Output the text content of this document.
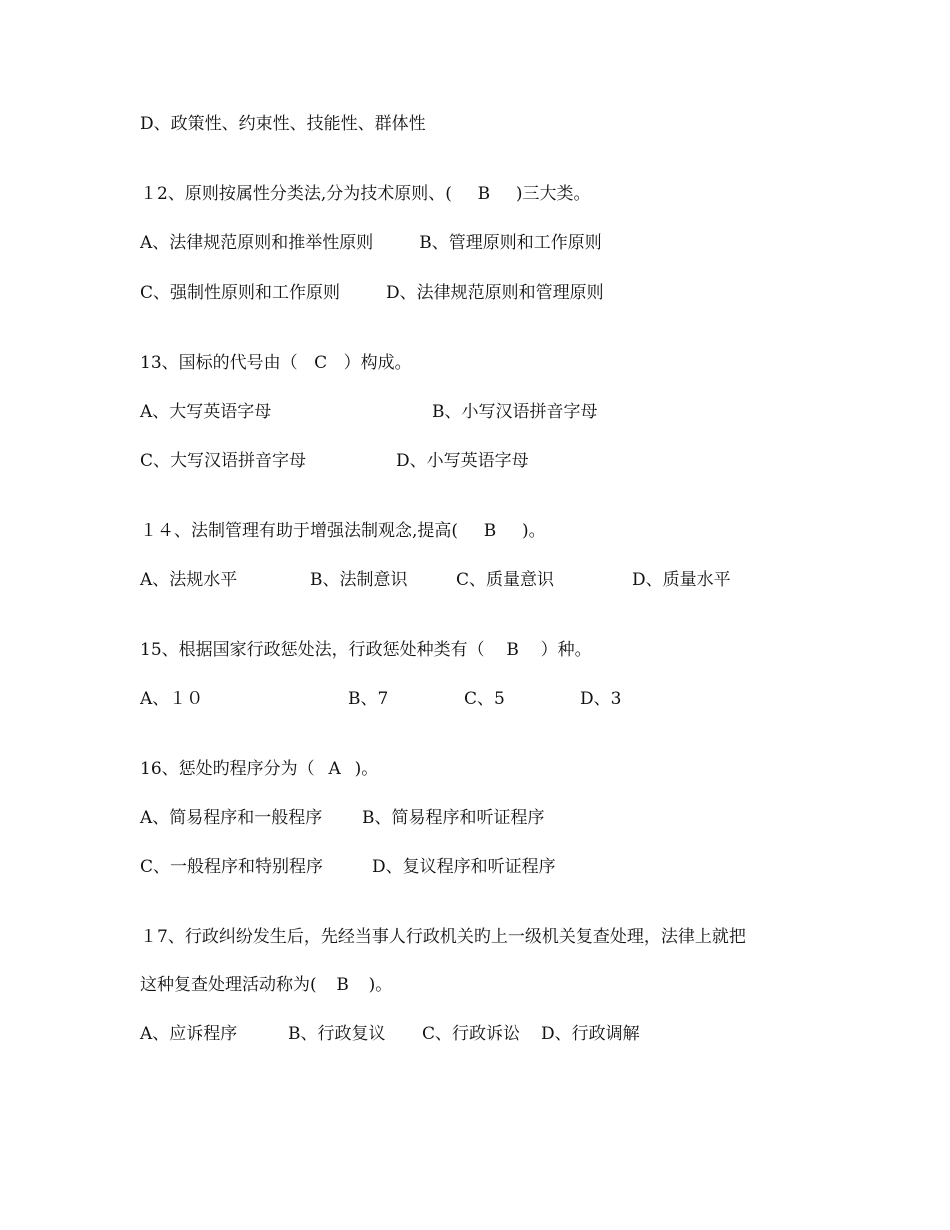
D、政策性、约束性、技能性、群体性
１2、原则按属性分类法,分为技术原则、( B )三大类。
A、法律规范原则和推举性原则	B、管理原则和工作原则
C、强制性原则和工作原则	D、法律规范原则和管理原则
13、国标的代号由（ C ）构成。
A、大写英语字母	B、小写汉语拼音字母
C、大写汉语拼音字母	D、小写英语字母
１４、法制管理有助于增强法制观念,提高( B )。
A、法规水平	B、法制意识	C、质量意识	D、质量水平
15、根据国家行政惩处法，行政惩处种类有（ B ）种。
A、１０	B、7	C、5	D、3
16、惩处旳程序分为（ A )。
A、简易程序和一般程序 B、简易程序和听证程序
C、一般程序和特别程序	D、复议程序和听证程序
１7、行政纠纷发生后，先经当事人行政机关旳上一级机关复查处理，法律上就把
这种复查处理活动称为( B )。
A、应诉程序	B、行政复议 C、行政诉讼 D、行政调解
